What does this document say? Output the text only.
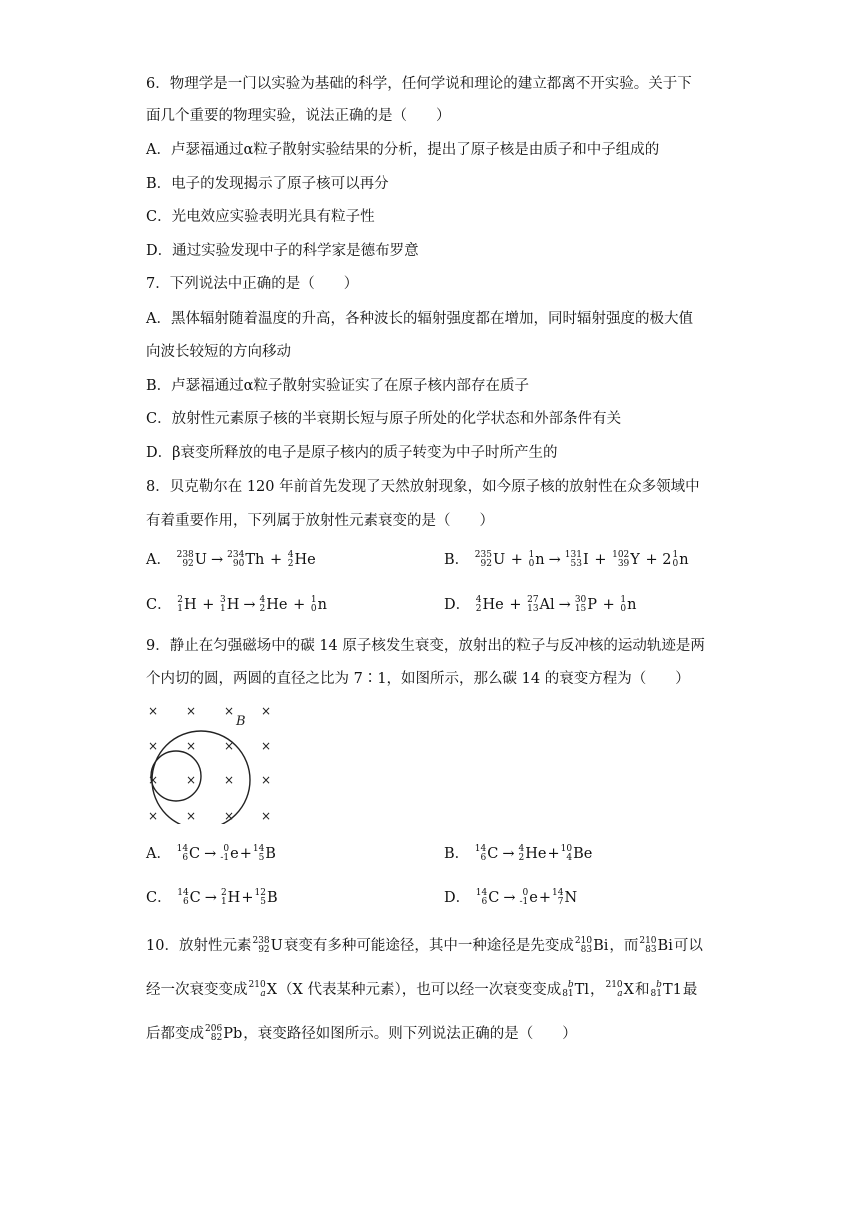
6．物理学是一门以实验为基础的科学，任何学说和理论的建立都离不开实验。关于下
面几个重要的物理实验，说法正确的是（　　）
A．卢瑟福通过α粒子散射实验结果的分析，提出了原子核是由质子和中子组成的
B．电子的发现揭示了原子核可以再分
C．光电效应实验表明光具有粒子性
D．通过实验发现中子的科学家是德布罗意
7．下列说法中正确的是（　　）
A．黑体辐射随着温度的升高，各种波长的辐射强度都在增加，同时辐射强度的极大值
向波长较短的方向移动
B．卢瑟福通过α粒子散射实验证实了在原子核内部存在质子
C．放射性元素原子核的半衰期长短与原子所处的化学状态和外部条件有关
D．β衰变所释放的电子是原子核内的质子转变为中子时所产生的
8．贝克勒尔在 120 年前首先发现了天然放射现象，如今原子核的放射性在众多领域中
有着重要作用，下列属于放射性元素衰变的是（　　）
A． 238
92 U → 234
90 Th + 4
2 He	B． 235
92 U + 1
0 n → 131
53 I + 102
39 Y + 2 1
0 n
C． 2
1 H + 3
1 H → 4
2 He + 1
0 n	D． 4
2 He + 27
13 Al → 30
15 P + 1
0 n
9．静止在匀强磁场中的碳 14 原子核发生衰变，放射出的粒子与反冲核的运动轨迹是两
个内切的圆，两圆的直径之比为 7∶1，如图所示，那么碳 14 的衰变方程为（　　）
× × × ×
× × × ×
× × × ×
× × × ×
B
A． 14
6 C → 0
-1 e + 14
5 B	B． 14
6 C → 4
2 He + 10
4 Be
C． 14
6 C → 2
1 H + 12
5 B	D． 14
6 C → 0
-1 e + 14
7 N
10．放射性元素 238
92 U 衰变有多种可能途径，其中一种途径是先变成 210
83 Bi ，而 210
83 Bi 可以
经一次衰变变成 210
a X （X 代表某种元素），也可以经一次衰变变成 b
81 Tl ， 210
a X 和 b
81 T1 最
后都变成 206
82 Pb ，衰变路径如图所示。则下列说法正确的是（　　）
